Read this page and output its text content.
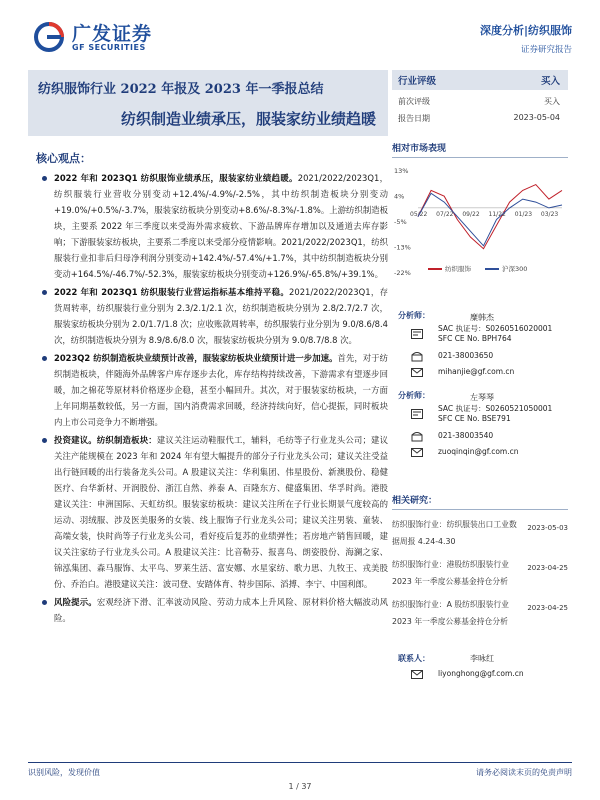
广发证券
GF SECURITIES
深度分析|纺织服饰
证券研究报告
纺织服饰行业 2022 年报及 2023 年一季报总结
纺织制造业绩承压，服装家纺业绩趋暖
行业评级	买入
前次评级	买入
报告日期	2023-05-04
核心观点：
2022 年和 2023Q1 纺织服饰业绩承压，服装家纺业绩趋暖。2021/2022/2023Q1，纺织服装行业营收分别变动+12.4%/-4.9%/-2.5%，其中纺织制造板块分别变动+19.0%/+0.5%/-3.7%，服装家纺板块分别变动+8.6%/-8.3%/-1.8%。上游纺织制造板块，主要系 2022 年三季度以来受海外需求疲软、下游品牌库存增加以及通道去库存影响；下游服装家纺板块，主要系二季度以来受部分疫情影响。2021/2022/2023Q1，纺织服装行业扣非后归母净利润分别变动+142.4%/-57.4%/+1.7%，其中纺织制造板块分别变动+164.5%/-46.7%/-52.3%，服装家纺板块分别变动+126.9%/-65.8%/+39.1%。
2022 年和 2023Q1 纺织服装行业营运指标基本维持平稳。2021/2022/2023Q1，存货周转率，纺织服装行业分别为 2.3/2.1/2.1 次，纺织制造板块分别为 2.8/2.7/2.7 次，服装家纺板块分别为 2.0/1.7/1.8 次；应收账款周转率，纺织服装行业分别为 9.0/8.6/8.4 次，纺织制造板块分别为 8.9/8.6/8.0 次，服装家纺板块分别为 9.0/8.7/8.8 次。
2023Q2 纺织制造板块业绩预计改善，服装家纺板块业绩预计进一步加速。首先，对于纺织制造板块，伴随海外品牌客户库存逐步去化，库存结构持续改善，下游需求有望逐步回暖，加之棉花等原材料价格逐步企稳，甚至小幅回升。其次，对于服装家纺板块，一方面上年同期基数较低，另一方面，国内消费需求回暖，经济持续向好，信心提振，同时板块内上市公司竞争力不断增强。
投资建议。纺织制造板块：建议关注运动鞋服代工，辅料，毛纺等子行业龙头公司；建议关注产能规模在 2023 年和 2024 年有望大幅提升的部分子行业龙头公司；建议关注受益出行链回暖的出行装备龙头公司。A 股建议关注：华利集团、伟星股份、新澳股份、稳健医疗、台华新材、开润股份、浙江自然、养泰 A、百隆东方、健盛集团、华孚时尚。港股建议关注：申洲国际、天虹纺织。服装家纺板块：建议关注所在子行业长期景气度较高的运动、羽绒服、涉及医美服务的女装、线上服饰子行业龙头公司；建议关注男装、童装、高端女装，快时尚等子行业龙头公司，看好疫后复苏的业绩弹性；若房地产销售回暖，建议关注家纺子行业龙头公司。A 股建议关注：比音勒芬、报喜鸟、朗姿股份、海澜之家、锦泓集团、森马服饰、太平鸟、罗莱生活、富安娜、水星家纺、歌力思、九牧王、戎美股份、乔治白。港股建议关注：波司登、安踏体育、特步国际、滔搏、李宁、中国利郎。
风险提示。宏观经济下滑、汇率波动风险、劳动力成本上升风险、原材料价格大幅波动风险。
相对市场表现
13%
4%
-5%
-13%
-22%
05/22 07/22 09/22 11/22 01/23 03/23
纺织服饰	沪深300
分析师：	糜韩杰
SAC 执证号：S0260516020001
SFC CE No. BPH764
021-38003650
mihanjie@gf.com.cn
分析师：	左琴琴
SAC 执证号：S0260521050001
SFC CE No. BSE791
021-38003540
zuoqinqin@gf.com.cn
相关研究：
纺织服饰行业：纺织服装出口工业数据周报 4.24-4.30
2023-05-03
纺织服饰行业：港股纺织服装行业 2023 年一季度公募基金持仓分析
2023-04-25
纺织服饰行业：A 股纺织服装行业 2023 年一季度公募基金持仓分析
2023-04-25
联系人：	李咏红
liyonghong@gf.com.cn
识别风险，发现价值	请务必阅读末页的免责声明
1 / 37
